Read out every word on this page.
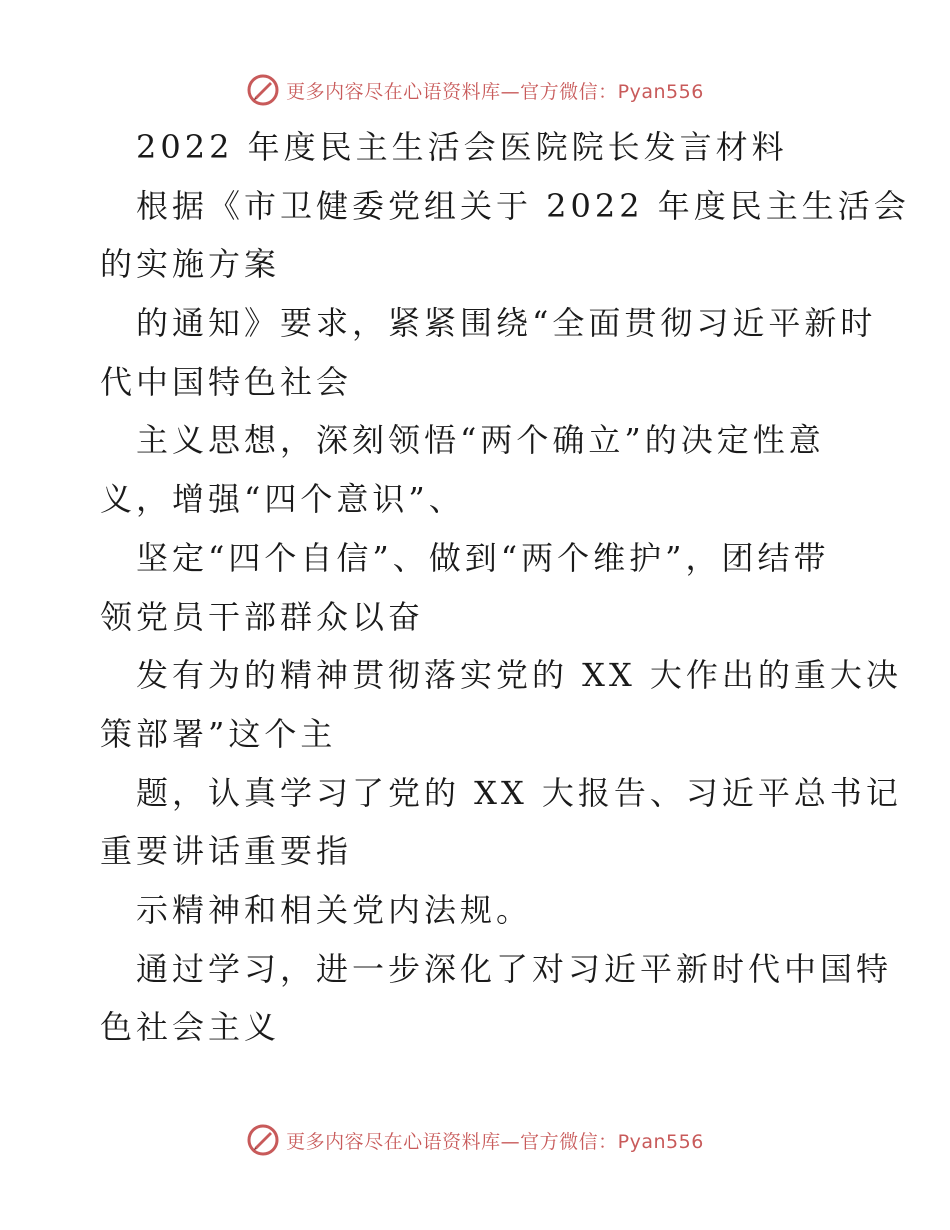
更多内容尽在心语资料库—官方微信：Pyan556
2022 年度民主生活会医院院长发言材料
根据《市卫健委党组关于 2022 年度民主生活会
的实施方案
的通知》要求，紧紧围绕“全面贯彻习近平新时
代中国特色社会
主义思想，深刻领悟“两个确立”的决定性意
义，增强“四个意识”、
坚定“四个自信”、做到“两个维护”，团结带
领党员干部群众以奋
发有为的精神贯彻落实党的 XX 大作出的重大决
策部署”这个主
题，认真学习了党的 XX 大报告、习近平总书记
重要讲话重要指
示精神和相关党内法规。
通过学习，进一步深化了对习近平新时代中国特
色社会主义
更多内容尽在心语资料库—官方微信：Pyan556
